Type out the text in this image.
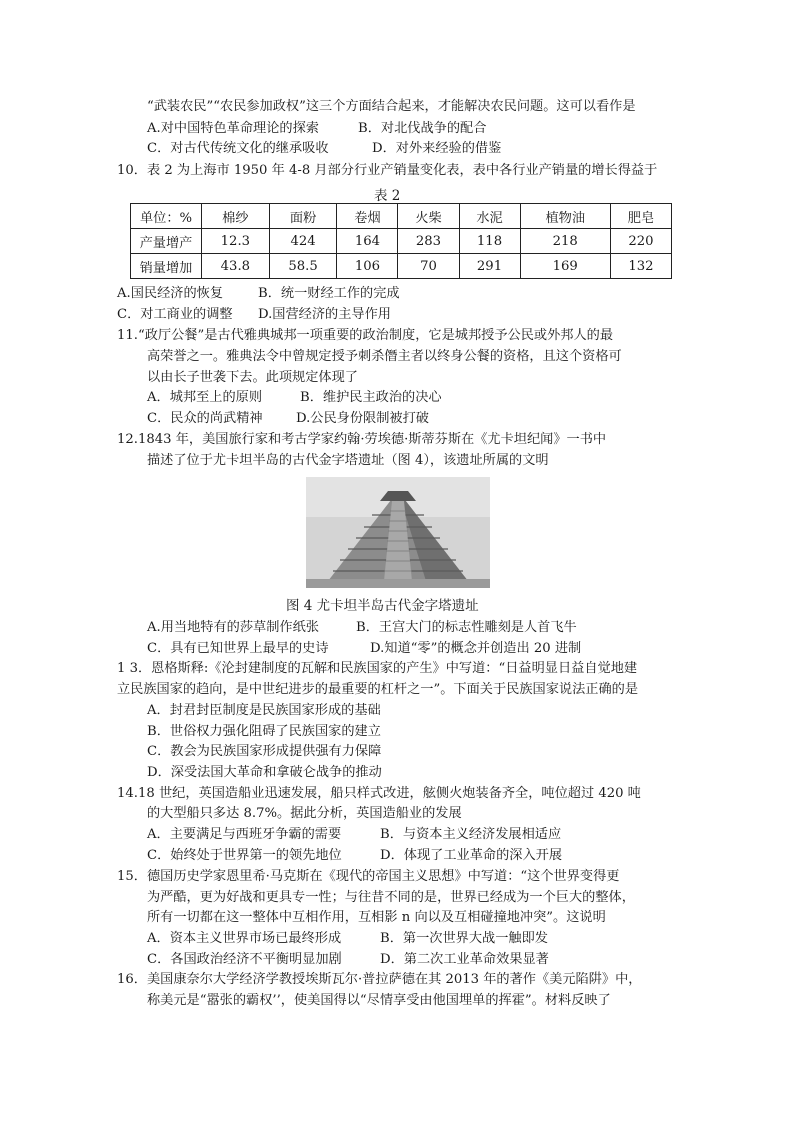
“武装农民”“农民参加政权”这三个方面结合起来，才能解决农民问题。这可以看作是
A.对中国特色革命理论的探索	B．对北伐战争的配合
C．对古代传统文化的继承吸收	D．对外来经验的借鉴
10．表 2 为上海市 1950 年 4-8 月部分行业产销量变化表，表中各行业产销量的增长得益于
表 2
单位：%	棉纱	面粉	卷烟	火柴	水泥	植物油	肥皂
产量增产	12.3	424	164	283	118	218	220
销量增加	43.8	58.5	106	70	291	169	132
A.国民经济的恢复	B．统一财经工作的完成
C．对工商业的调整 D.国营经济的主导作用
11.“政厅公餐”是古代雅典城邦一项重要的政治制度，它是城邦授予公民或外邦人的最
高荣誉之一。雅典法令中曾规定授予刺杀僭主者以终身公餐的资格，且这个资格可
以由长子世袭下去。此项规定体现了
A．城邦至上的原则	B．维护民主政治的决心
C．民众的尚武精神	D.公民身份限制被打破
12.1843 年，美国旅行家和考古学家约翰·劳埃德·斯蒂芬斯在《尤卡坦纪闻》一书中
描述了位于尤卡坦半岛的古代金字塔遗址（图 4），该遗址所属的文明
图 4 尤卡坦半岛古代金字塔遗址
A.用当地特有的莎草制作纸张	B．王宫大门的标志性雕刻是人首飞牛
C．具有已知世界上最早的史诗	D.知道“零”的概念并创造出 20 进制
1 3．恩格斯释:《沦封建制度的瓦解和民族国家的产生》中写道：“日益明显日益自觉地建
立民族国家的趋向，是中世纪进步的最重要的杠杆之一”。下面关于民族国家说法正确的是
A．封君封臣制度是民族国家形成的基础
B．世俗权力强化阻碍了民族国家的建立
C．教会为民族国家形成提供强有力保障
D．深受法国大革命和拿破仑战争的推动
14.18 世纪，英国造船业迅速发展，船只样式改进，舷侧火炮装备齐全，吨位超过 420 吨
的大型船只多达 8.7%。据此分析，英国造船业的发展
A．主要满足与西班牙争霸的需要	B．与资本主义经济发展相适应
C．始终处于世界第一的领先地位	D．体现了工业革命的深入开展
15．德国历史学家恩里希·马克斯在《现代的帝国主义思想》中写道：“这个世界变得更
为严酷，更为好战和更具专一性；与往昔不同的是，世界已经成为一个巨大的整体，
所有一切都在这一整体中互相作用，互相影 n 向以及互相碰撞地冲突”。这说明
A．资本主义世界市场已最终形成	B．第一次世界大战一触即发
C．各国政治经济不平衡明显加剧	D．第二次工业革命效果显著
16．美国康奈尔大学经济学教授埃斯瓦尔·普拉萨德在其 2013 年的著作《美元陷阱》中，
称美元是“嚣张的霸权’’，使美国得以“尽情享受由他国埋单的挥霍”。材料反映了
